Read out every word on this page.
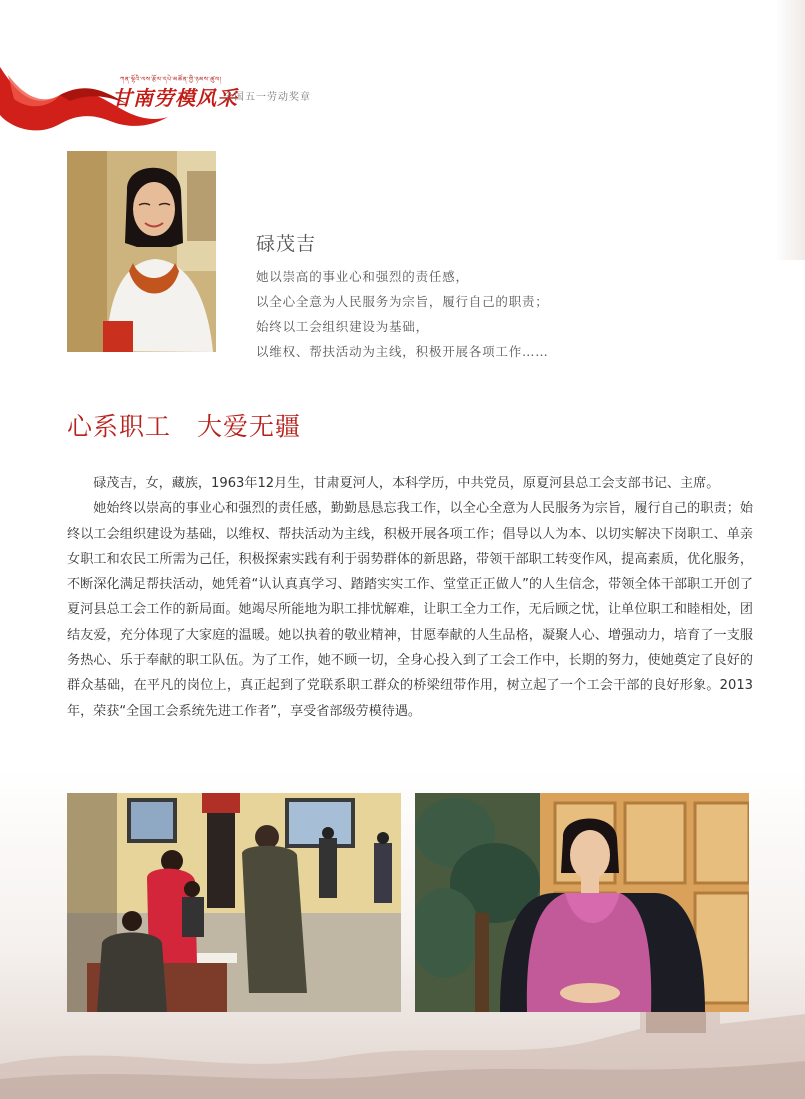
ཀན་ལྷོའི་ལས་རྩོལ་དཔེ་མཚོན་གྱི་ཉམས་ཚུལ།
甘南劳模风采
全国五一劳动奖章
碌茂吉
她以崇高的事业心和强烈的责任感，
以全心全意为人民服务为宗旨，履行自己的职责；
始终以工会组织建设为基础，
以维权、帮扶活动为主线，积极开展各项工作……
心系职工　大爱无疆

碌茂吉，女，藏族，1963年12月生，甘肃夏河人，本科学历，中共党员，原夏河县总工会支部书记、主席。

她始终以崇高的事业心和强烈的责任感，勤勤恳恳忘我工作，以全心全意为人民服务为宗旨，履行自己的职责；始终以工会组织建设为基础，以维权、帮扶活动为主线，积极开展各项工作；倡导以人为本、以切实解决下岗职工、单亲女职工和农民工所需为己任，积极探索实践有利于弱势群体的新思路，带领干部职工转变作风，提高素质，优化服务，不断深化满足帮扶活动，她凭着“认认真真学习、踏踏实实工作、堂堂正正做人”的人生信念，带领全体干部职工开创了夏河县总工会工作的新局面。她竭尽所能地为职工排忧解难，让职工全力工作，无后顾之忧，让单位职工和睦相处，团结友爱，充分体现了大家庭的温暖。她以执着的敬业精神，甘愿奉献的人生品格，凝聚人心、增强动力，培育了一支服务热心、乐于奉献的职工队伍。为了工作，她不顾一切，全身心投入到了工会工作中，长期的努力，使她奠定了良好的群众基础，在平凡的岗位上，真正起到了党联系职工群众的桥梁纽带作用，树立起了一个工会干部的良好形象。2013年，荣获“全国工会系统先进工作者”，享受省部级劳模待遇。
